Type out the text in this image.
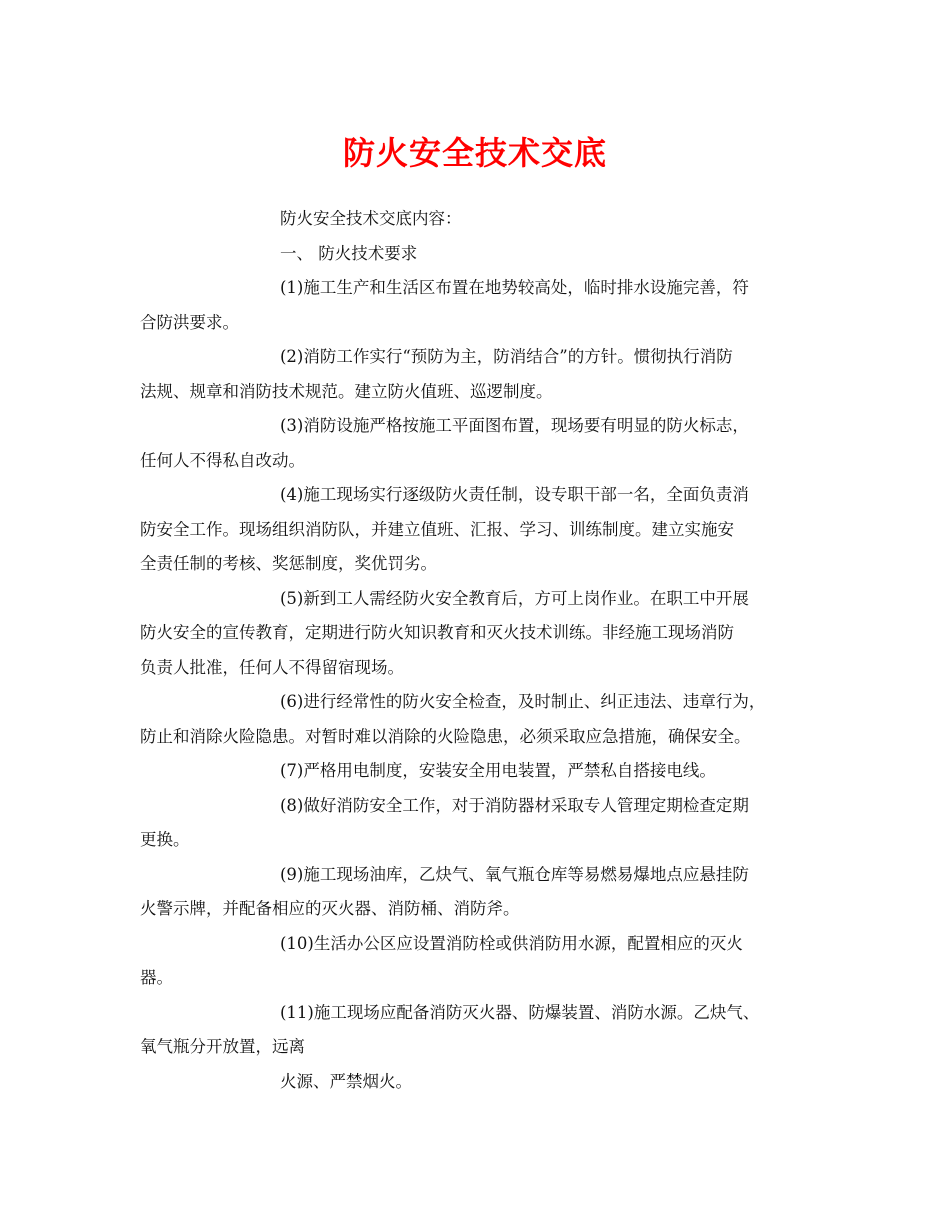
防火安全技术交底
防火安全技术交底内容：
一、 防火技术要求
(1)施工生产和生活区布置在地势较高处，临时排水设施完善，符
合防洪要求。
(2)消防工作实行“预防为主，防消结合”的方针。惯彻执行消防
法规、规章和消防技术规范。建立防火值班、巡逻制度。
(3)消防设施严格按施工平面图布置，现场要有明显的防火标志，
任何人不得私自改动。
(4)施工现场实行逐级防火责任制，设专职干部一名，全面负责消
防安全工作。现场组织消防队，并建立值班、汇报、学习、训练制度。建立实施安
全责任制的考核、奖惩制度，奖优罚劣。
(5)新到工人需经防火安全教育后，方可上岗作业。在职工中开展
防火安全的宣传教育，定期进行防火知识教育和灭火技术训练。非经施工现场消防
负责人批准，任何人不得留宿现场。
(6)进行经常性的防火安全检查，及时制止、纠正违法、违章行为，
防止和消除火险隐患。对暂时难以消除的火险隐患，必须采取应急措施，确保安全。
(7)严格用电制度，安装安全用电装置，严禁私自搭接电线。
(8)做好消防安全工作，对于消防器材采取专人管理定期检查定期
更换。
(9)施工现场油库，乙炔气、氧气瓶仓库等易燃易爆地点应悬挂防
火警示牌，并配备相应的灭火器、消防桶、消防斧。
(10)生活办公区应设置消防栓或供消防用水源，配置相应的灭火
器。
(11)施工现场应配备消防灭火器、防爆装置、消防水源。乙炔气、
氧气瓶分开放置，远离
火源、严禁烟火。
